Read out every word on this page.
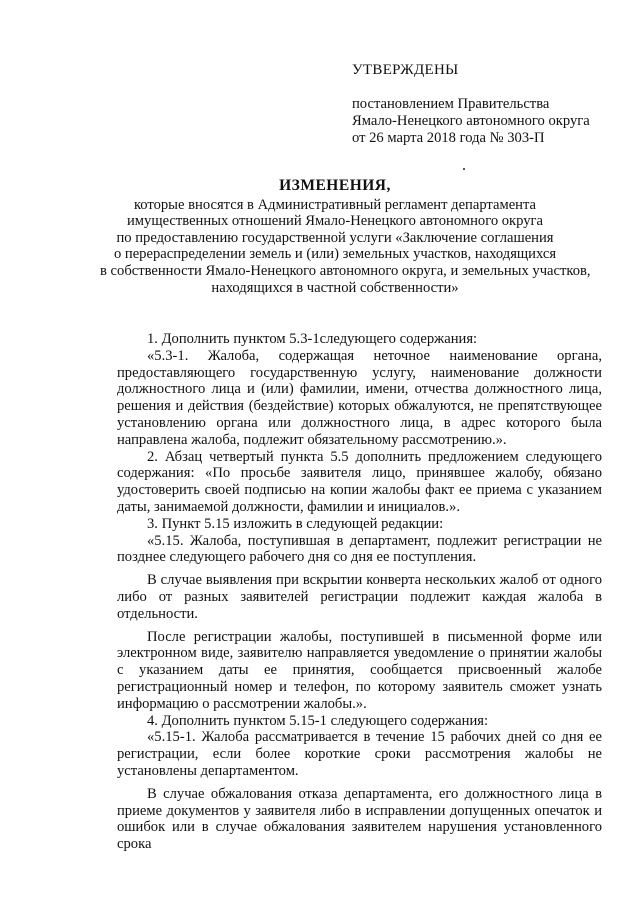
УТВЕРЖДЕНЫ
постановлением Правительства
Ямало-Ненецкого автономного округа
от 26 марта 2018 года № 303-П
ИЗМЕНЕНИЯ,
которые вносятся в Административный регламент департамента
имущественных отношений Ямало-Ненецкого автономного округа
по предоставлению государственной услуги «Заключение соглашения
о перераспределении земель и (или) земельных участков, находящихся
в собственности Ямало-Ненецкого автономного округа, и земельных участков,
находящихся в частной собственности»

1. Дополнить пунктом 5.3-1следующего содержания:

«5.3-1. Жалоба, содержащая неточное наименование органа, предоставляющего государственную услугу, наименование должности должностного лица и (или) фамилии, имени, отчества должностного лица, решения и действия (бездействие) которых обжалуются, не препятствующее установлению органа или должностного лица, в адрес которого была направлена жалоба, подлежит обязательному рассмотрению.».

2. Абзац четвертый пункта 5.5 дополнить предложением следующего содержания: «По просьбе заявителя лицо, принявшее жалобу, обязано удостоверить своей подписью на копии жалобы факт ее приема с указанием даты, занимаемой должности, фамилии и инициалов.».

3. Пункт 5.15 изложить в следующей редакции:

«5.15. Жалоба, поступившая в департамент, подлежит регистрации не позднее следующего рабочего дня со дня ее поступления.

В случае выявления при вскрытии конверта нескольких жалоб от одного либо от разных заявителей регистрации подлежит каждая жалоба в отдельности.

После регистрации жалобы, поступившей в письменной форме или электронном виде, заявителю направляется уведомление о принятии жалобы с указанием даты ее принятия, сообщается присвоенный жалобе регистрационный номер и телефон, по которому заявитель сможет узнать информацию о рассмотрении жалобы.».

4. Дополнить пунктом 5.15-1 следующего содержания:

«5.15-1. Жалоба рассматривается в течение 15 рабочих дней со дня ее регистрации, если более короткие сроки рассмотрения жалобы не установлены департаментом.

В случае обжалования отказа департамента, его должностного лица в приеме документов у заявителя либо в исправлении допущенных опечаток и ошибок или в случае обжалования заявителем нарушения установленного срока
